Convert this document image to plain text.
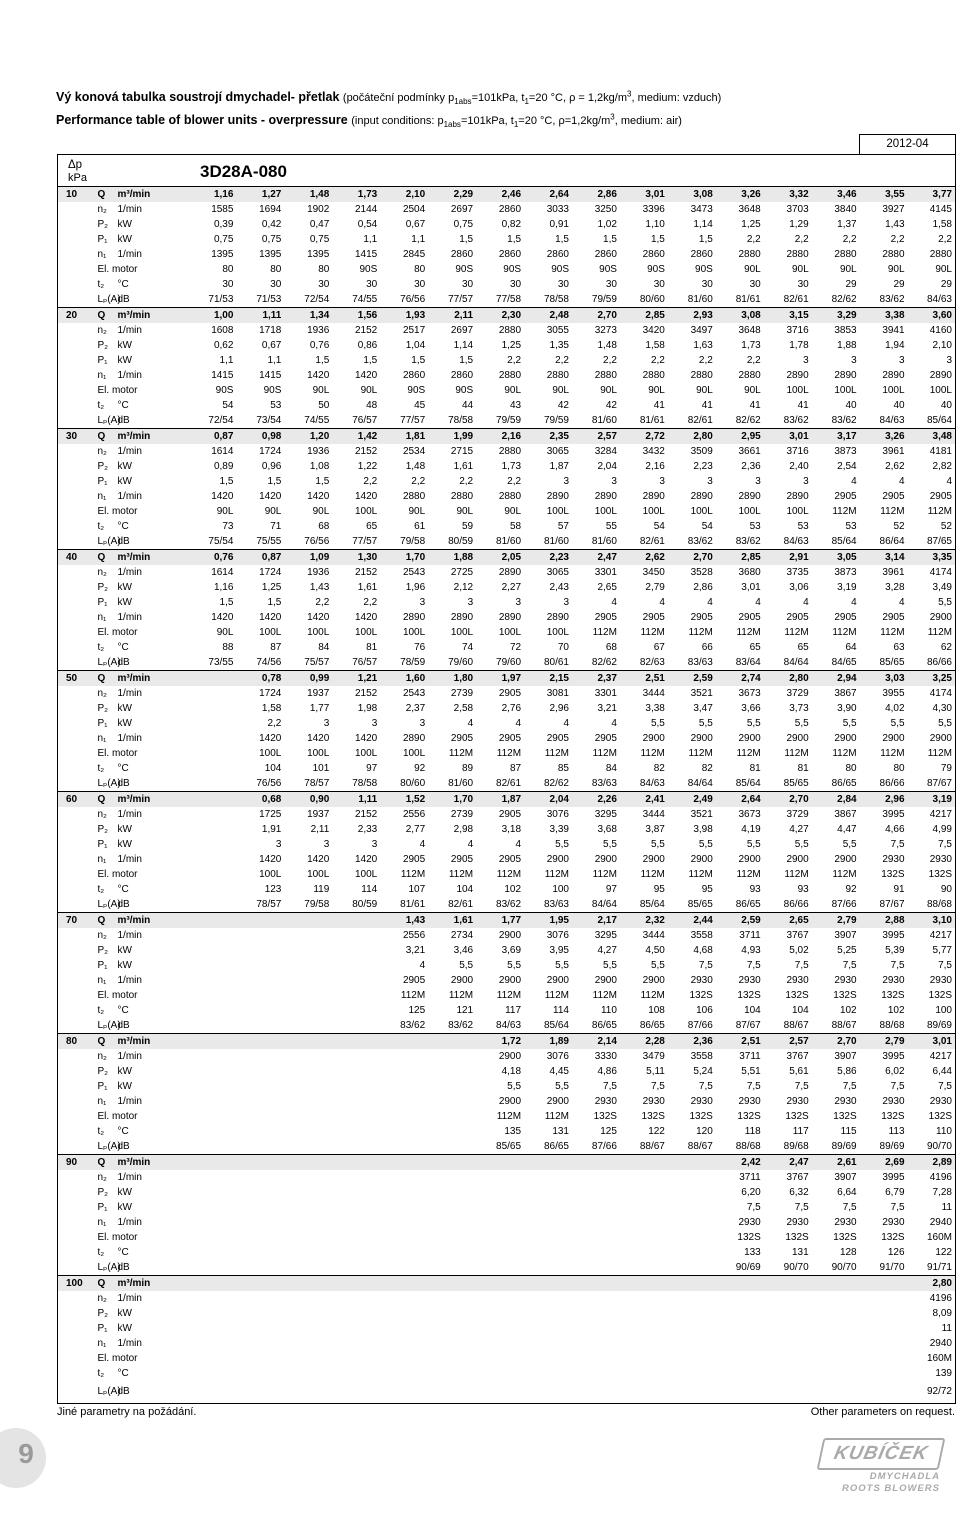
Vý konová tabulka soustrojí dmychadel- přetlak (počáteční podmínky $p_{1abs}=101kPa$, $t_1=20$ °C, $\rho = 1,2kg/m^3$, medium: vzduch)
Performance table of blower units - overpressure (input conditions: $p_{1abs}=101kPa$, $t_1=20$ °C, $\rho=1,2kg/m^3$, medium: air)
2012-04
Δp
kPa	3D28A-080
10	Q	m³/min	1,16	1,27	1,48	1,73	2,10	2,29	2,46	2,64	2,86	3,01	3,08	3,26	3,32	3,46	3,55	3,77
	n₂	1/min	1585	1694	1902	2144	2504	2697	2860	3033	3250	3396	3473	3648	3703	3840	3927	4145
	P₂	kW	0,39	0,42	0,47	0,54	0,67	0,75	0,82	0,91	1,02	1,10	1,14	1,25	1,29	1,37	1,43	1,58
	P₁	kW	0,75	0,75	0,75	1,1	1,1	1,5	1,5	1,5	1,5	1,5	1,5	2,2	2,2	2,2	2,2	2,2
	n₁	1/min	1395	1395	1395	1415	2845	2860	2860	2860	2860	2860	2860	2880	2880	2880	2880	2880
	El. motor		80	80	80	90S	80	90S	90S	90S	90S	90S	90S	90L	90L	90L	90L	90L
	t₂	°C	30	30	30	30	30	30	30	30	30	30	30	30	30	29	29	29
	Lₚ(A)	dB	71/53	71/53	72/54	74/55	76/56	77/57	77/58	78/58	79/59	80/60	81/60	81/61	82/61	82/62	83/62	84/63
20	Q	m³/min	1,00	1,11	1,34	1,56	1,93	2,11	2,30	2,48	2,70	2,85	2,93	3,08	3,15	3,29	3,38	3,60
	n₂	1/min	1608	1718	1936	2152	2517	2697	2880	3055	3273	3420	3497	3648	3716	3853	3941	4160
	P₂	kW	0,62	0,67	0,76	0,86	1,04	1,14	1,25	1,35	1,48	1,58	1,63	1,73	1,78	1,88	1,94	2,10
	P₁	kW	1,1	1,1	1,5	1,5	1,5	1,5	2,2	2,2	2,2	2,2	2,2	2,2	3	3	3	3
	n₁	1/min	1415	1415	1420	1420	2860	2860	2880	2880	2880	2880	2880	2880	2890	2890	2890	2890
	El. motor		90S	90S	90L	90L	90S	90S	90L	90L	90L	90L	90L	90L	100L	100L	100L	100L
	t₂	°C	54	53	50	48	45	44	43	42	42	41	41	41	41	40	40	40
	Lₚ(A)	dB	72/54	73/54	74/55	76/57	77/57	78/58	79/59	79/59	81/60	81/61	82/61	82/62	83/62	83/62	84/63	85/64
30	Q	m³/min	0,87	0,98	1,20	1,42	1,81	1,99	2,16	2,35	2,57	2,72	2,80	2,95	3,01	3,17	3,26	3,48
	n₂	1/min	1614	1724	1936	2152	2534	2715	2880	3065	3284	3432	3509	3661	3716	3873	3961	4181
	P₂	kW	0,89	0,96	1,08	1,22	1,48	1,61	1,73	1,87	2,04	2,16	2,23	2,36	2,40	2,54	2,62	2,82
	P₁	kW	1,5	1,5	1,5	2,2	2,2	2,2	2,2	3	3	3	3	3	3	4	4	4
	n₁	1/min	1420	1420	1420	1420	2880	2880	2880	2890	2890	2890	2890	2890	2890	2905	2905	2905
	El. motor		90L	90L	90L	100L	90L	90L	90L	100L	100L	100L	100L	100L	100L	112M	112M	112M
	t₂	°C	73	71	68	65	61	59	58	57	55	54	54	53	53	53	52	52
	Lₚ(A)	dB	75/54	75/55	76/56	77/57	79/58	80/59	81/60	81/60	81/60	82/61	83/62	83/62	84/63	85/64	86/64	87/65
40	Q	m³/min	0,76	0,87	1,09	1,30	1,70	1,88	2,05	2,23	2,47	2,62	2,70	2,85	2,91	3,05	3,14	3,35
	n₂	1/min	1614	1724	1936	2152	2543	2725	2890	3065	3301	3450	3528	3680	3735	3873	3961	4174
	P₂	kW	1,16	1,25	1,43	1,61	1,96	2,12	2,27	2,43	2,65	2,79	2,86	3,01	3,06	3,19	3,28	3,49
	P₁	kW	1,5	1,5	2,2	2,2	3	3	3	3	4	4	4	4	4	4	4	5,5
	n₁	1/min	1420	1420	1420	1420	2890	2890	2890	2890	2905	2905	2905	2905	2905	2905	2905	2900
	El. motor		90L	100L	100L	100L	100L	100L	100L	100L	112M	112M	112M	112M	112M	112M	112M	112M
	t₂	°C	88	87	84	81	76	74	72	70	68	67	66	65	65	64	63	62
	Lₚ(A)	dB	73/55	74/56	75/57	76/57	78/59	79/60	79/60	80/61	82/62	82/63	83/63	83/64	84/64	84/65	85/65	86/66
50	Q	m³/min		0,78	0,99	1,21	1,60	1,80	1,97	2,15	2,37	2,51	2,59	2,74	2,80	2,94	3,03	3,25
	n₂	1/min		1724	1937	2152	2543	2739	2905	3081	3301	3444	3521	3673	3729	3867	3955	4174
	P₂	kW		1,58	1,77	1,98	2,37	2,58	2,76	2,96	3,21	3,38	3,47	3,66	3,73	3,90	4,02	4,30
	P₁	kW		2,2	3	3	3	4	4	4	4	5,5	5,5	5,5	5,5	5,5	5,5	5,5
	n₁	1/min		1420	1420	1420	2890	2905	2905	2905	2905	2900	2900	2900	2900	2900	2900	2900
	El. motor			100L	100L	100L	100L	112M	112M	112M	112M	112M	112M	112M	112M	112M	112M	112M
	t₂	°C		104	101	97	92	89	87	85	84	82	82	81	81	80	80	79
	Lₚ(A)	dB		76/56	78/57	78/58	80/60	81/60	82/61	82/62	83/63	84/63	84/64	85/64	85/65	86/65	86/66	87/67
60	Q	m³/min		0,68	0,90	1,11	1,52	1,70	1,87	2,04	2,26	2,41	2,49	2,64	2,70	2,84	2,96	3,19
	n₂	1/min		1725	1937	2152	2556	2739	2905	3076	3295	3444	3521	3673	3729	3867	3995	4217
	P₂	kW		1,91	2,11	2,33	2,77	2,98	3,18	3,39	3,68	3,87	3,98	4,19	4,27	4,47	4,66	4,99
	P₁	kW		3	3	3	4	4	4	5,5	5,5	5,5	5,5	5,5	5,5	5,5	7,5	7,5
	n₁	1/min		1420	1420	1420	2905	2905	2905	2900	2900	2900	2900	2900	2900	2900	2930	2930
	El. motor			100L	100L	100L	112M	112M	112M	112M	112M	112M	112M	112M	112M	112M	132S	132S
	t₂	°C		123	119	114	107	104	102	100	97	95	95	93	93	92	91	90
	Lₚ(A)	dB		78/57	79/58	80/59	81/61	82/61	83/62	83/63	84/64	85/64	85/65	86/65	86/66	87/66	87/67	88/68
70	Q	m³/min					1,43	1,61	1,77	1,95	2,17	2,32	2,44	2,59	2,65	2,79	2,88	3,10
	n₂	1/min					2556	2734	2900	3076	3295	3444	3558	3711	3767	3907	3995	4217
	P₂	kW					3,21	3,46	3,69	3,95	4,27	4,50	4,68	4,93	5,02	5,25	5,39	5,77
	P₁	kW					4	5,5	5,5	5,5	5,5	5,5	7,5	7,5	7,5	7,5	7,5	7,5
	n₁	1/min					2905	2900	2900	2900	2900	2900	2930	2930	2930	2930	2930	2930
	El. motor						112M	112M	112M	112M	112M	112M	132S	132S	132S	132S	132S	132S
	t₂	°C					125	121	117	114	110	108	106	104	104	102	102	100
	Lₚ(A)	dB					83/62	83/62	84/63	85/64	86/65	86/65	87/66	87/67	88/67	88/67	88/68	89/69
80	Q	m³/min							1,72	1,89	2,14	2,28	2,36	2,51	2,57	2,70	2,79	3,01
	n₂	1/min							2900	3076	3330	3479	3558	3711	3767	3907	3995	4217
	P₂	kW							4,18	4,45	4,86	5,11	5,24	5,51	5,61	5,86	6,02	6,44
	P₁	kW							5,5	5,5	7,5	7,5	7,5	7,5	7,5	7,5	7,5	7,5
	n₁	1/min							2900	2900	2930	2930	2930	2930	2930	2930	2930	2930
	El. motor								112M	112M	132S	132S	132S	132S	132S	132S	132S	132S
	t₂	°C							135	131	125	122	120	118	117	115	113	110
	Lₚ(A)	dB							85/65	86/65	87/66	88/67	88/67	88/68	89/68	89/69	89/69	90/70
90	Q	m³/min												2,42	2,47	2,61	2,69	2,89
	n₂	1/min												3711	3767	3907	3995	4196
	P₂	kW												6,20	6,32	6,64	6,79	7,28
	P₁	kW												7,5	7,5	7,5	7,5	11
	n₁	1/min												2930	2930	2930	2930	2940
	El. motor													132S	132S	132S	132S	160M
	t₂	°C												133	131	128	126	122
	Lₚ(A)	dB												90/69	90/70	90/70	91/70	91/71
100	Q	m³/min																2,80
	n₂	1/min																4196
	P₂	kW																8,09
	P₁	kW																11
	n₁	1/min																2940
	El. motor																	160M
	t₂	°C																139
	Lₚ(A)	dB																92/72
Jiné parametry na požádání.	Other parameters on request.
9	KUBÍČEK
DMYCHADLA
ROOTS BLOWERS
